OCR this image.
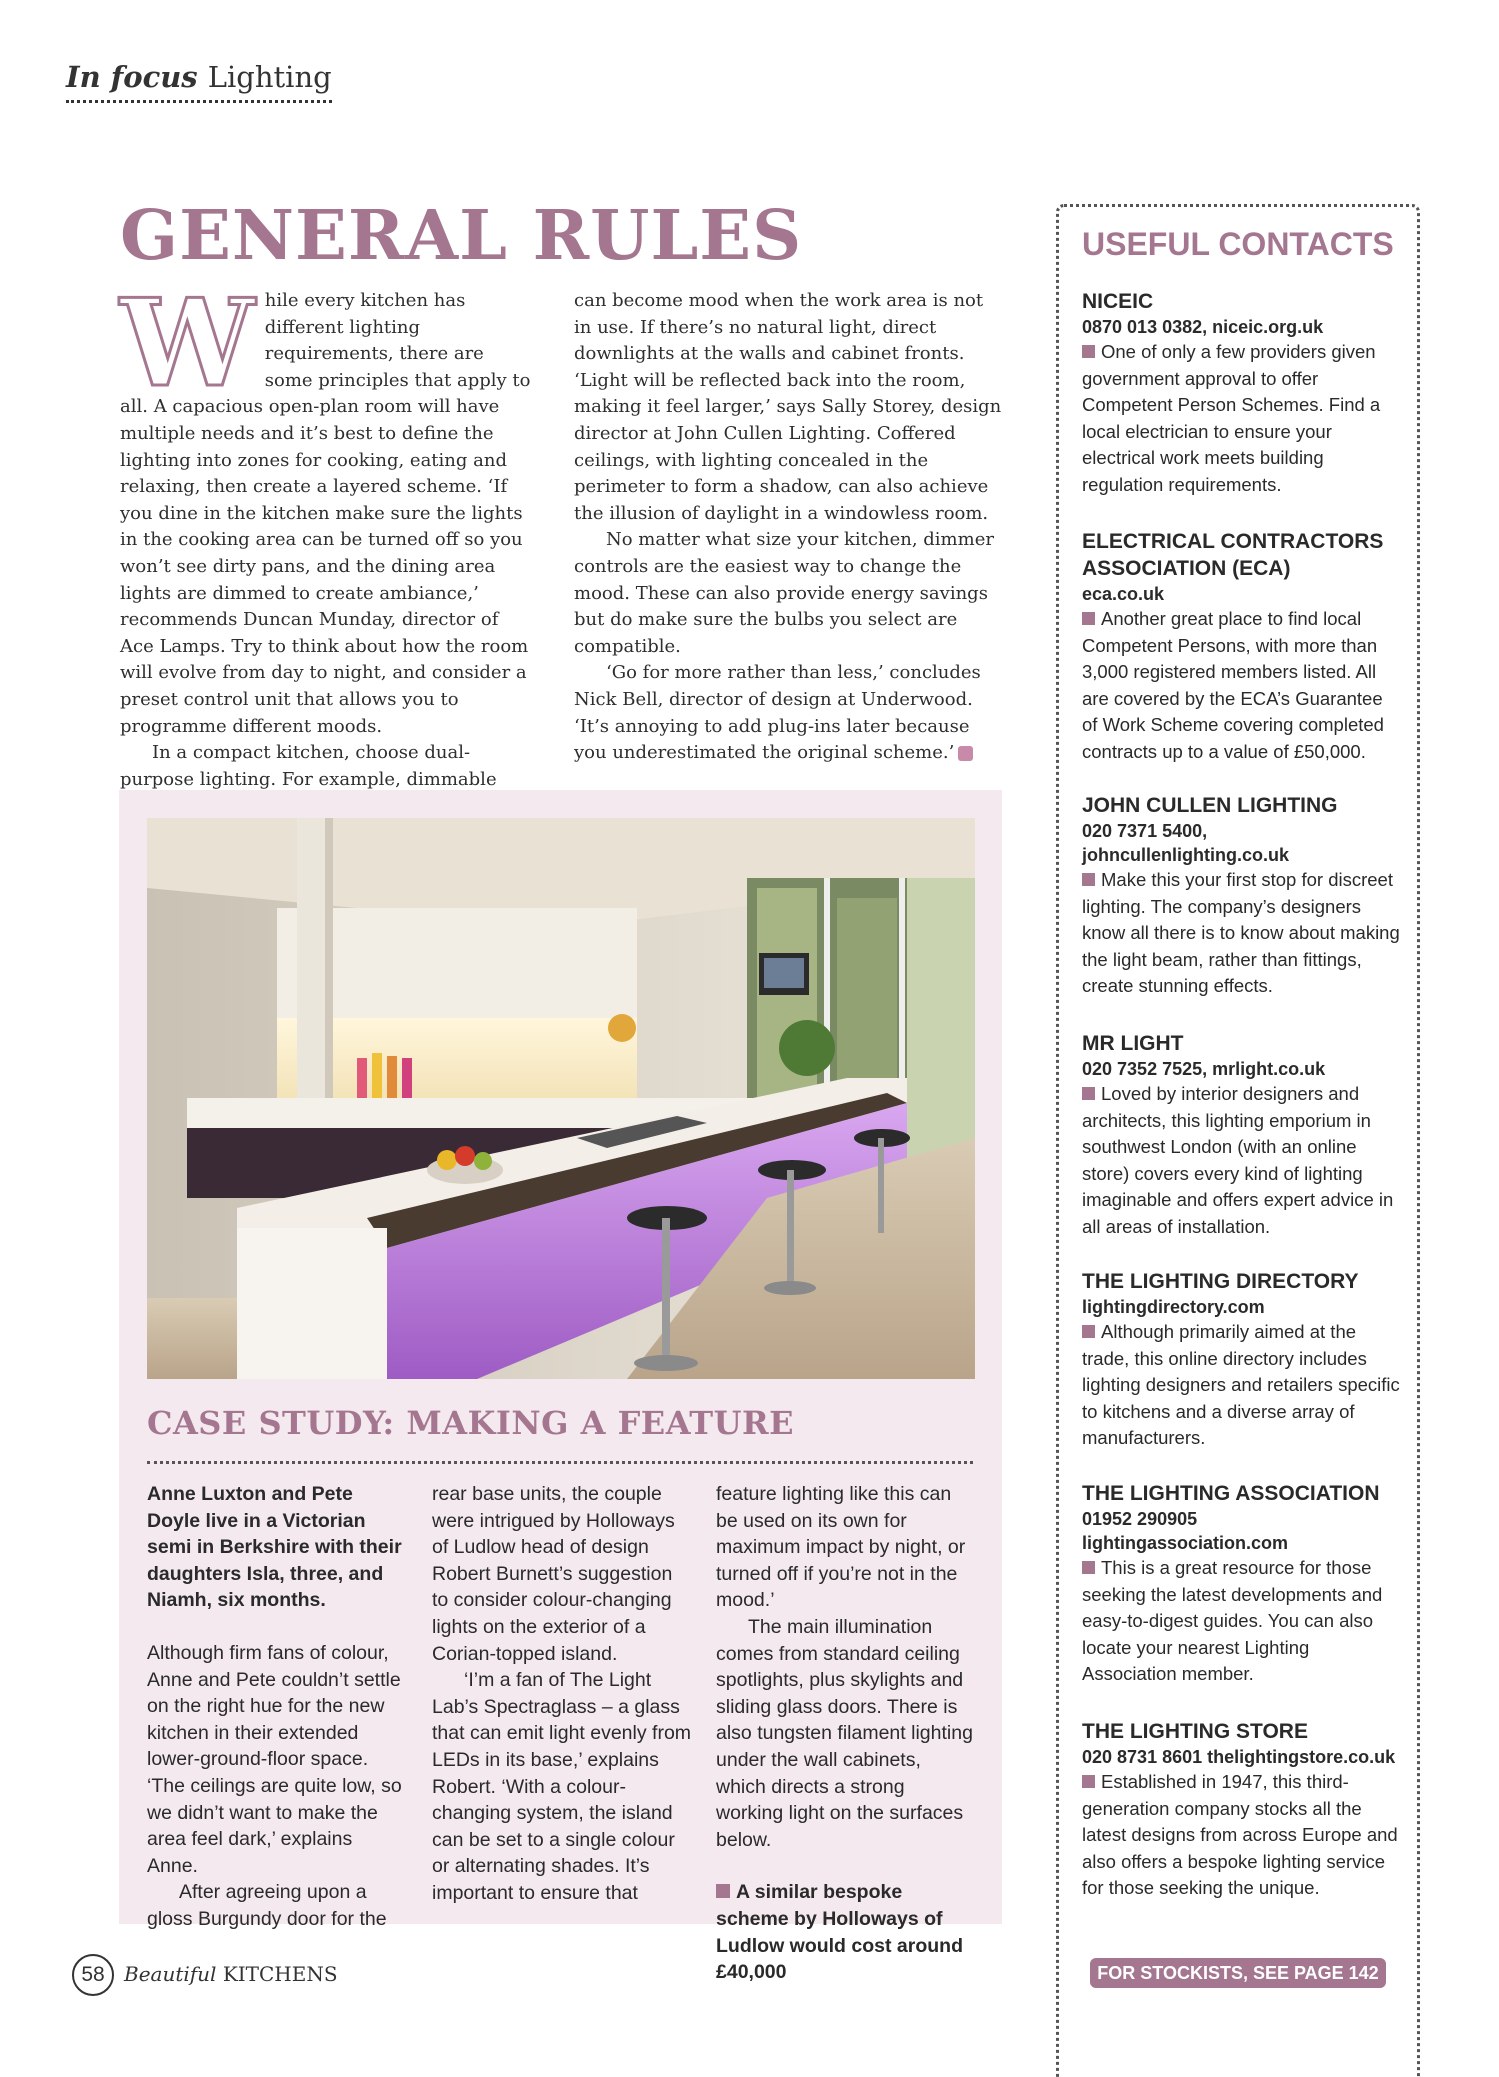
In focus Lighting
GENERAL RULES
W hile every kitchen has different lighting requirements, there are some principles that apply to all. A capacious open-plan room will have multiple needs and it’s best to define the lighting into zones for cooking, eating and relaxing, then create a layered scheme. ‘If you dine in the kitchen make sure the lights in the cooking area can be turned off so you won’t see dirty pans, and the dining area lights are dimmed to create ambiance,’ recommends Duncan Munday, director of Ace Lamps. Try to think about how the room will evolve from day to night, and consider a preset control unit that allows you to programme different moods.

In a compact kitchen, choose dual-purpose lighting. For example, dimmable

can become mood when the work area is not in use. If there’s no natural light, direct downlights at the walls and cabinet fronts. ‘Light will be reflected back into the room, making it feel larger,’ says Sally Storey, design director at John Cullen Lighting. Coffered ceilings, with lighting concealed in the perimeter to form a shadow, can also achieve the illusion of daylight in a windowless room.

No matter what size your kitchen, dimmer controls are the easiest way to change the mood. These can also provide energy savings but do make sure the bulbs you select are compatible.

‘Go for more rather than less,’ concludes Nick Bell, director of design at Underwood. ‘It’s annoying to add plug-ins later because you underestimated the original scheme.’

CASE STUDY: MAKING A FEATURE

Anne Luxton and Pete Doyle live in a Victorian semi in Berkshire with their daughters Isla, three, and Niamh, six months.

Although firm fans of colour, Anne and Pete couldn’t settle on the right hue for the new kitchen in their extended lower-ground-floor space. ‘The ceilings are quite low, so we didn’t want to make the area feel dark,’ explains Anne.

After agreeing upon a gloss Burgundy door for the

rear base units, the couple were intrigued by Holloways of Ludlow head of design Robert Burnett’s suggestion to consider colour-changing lights on the exterior of a Corian-topped island.

‘I’m a fan of The Light Lab’s Spectraglass – a glass that can emit light evenly from LEDs in its base,’ explains Robert. ‘With a colour-changing system, the island can be set to a single colour or alternating shades. It’s important to ensure that

feature lighting like this can be used on its own for maximum impact by night, or turned off if you’re not in the mood.’

The main illumination comes from standard ceiling spotlights, plus skylights and sliding glass doors. There is also tungsten filament lighting under the wall cabinets, which directs a strong working light on the surfaces below.

A similar bespoke scheme by Holloways of Ludlow would cost around £40,000

USEFUL CONTACTS
NICEIC
0870 013 0382, niceic.org.uk

One of only a few providers given government approval to offer Competent Person Schemes. Find a local electrician to ensure your electrical work meets building regulation requirements.

ELECTRICAL CONTRACTORS ASSOCIATION (ECA)
eca.co.uk

Another great place to find local Competent Persons, with more than 3,000 registered members listed. All are covered by the ECA’s Guarantee of Work Scheme covering completed contracts up to a value of £50,000.

JOHN CULLEN LIGHTING
020 7371 5400, johncullenlighting.co.uk

Make this your first stop for discreet lighting. The company’s designers know all there is to know about making the light beam, rather than fittings, create stunning effects.

MR LIGHT
020 7352 7525, mrlight.co.uk

Loved by interior designers and architects, this lighting emporium in southwest London (with an online store) covers every kind of lighting imaginable and offers expert advice in all areas of installation.

THE LIGHTING DIRECTORY
lightingdirectory.com

Although primarily aimed at the trade, this online directory includes lighting designers and retailers specific to kitchens and a diverse array of manufacturers.

THE LIGHTING ASSOCIATION
01952 290905 lightingassociation.com

This is a great resource for those seeking the latest developments and easy-to-digest guides. You can also locate your nearest Lighting Association member.

THE LIGHTING STORE
020 8731 8601 thelightingstore.co.uk

Established in 1947, this third-generation company stocks all the latest designs from across Europe and also offers a bespoke lighting service for those seeking the unique.

FOR STOCKISTS, SEE PAGE 142
58 Beautiful KITCHENS
